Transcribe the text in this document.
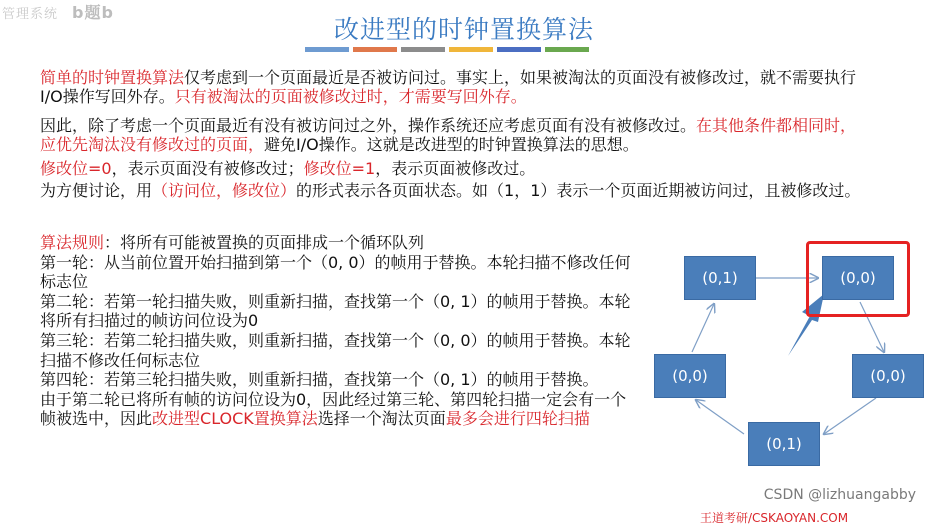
管理系统 b题b
改进型的时钟置换算法
简单的时钟置换算法仅考虑到一个页面最近是否被访问过。事实上，如果被淘汰的页面没有被修改过，就不需要执行I/O操作写回外存。只有被淘汰的页面被修改过时，才需要写回外存。
因此，除了考虑一个页面最近有没有被访问过之外，操作系统还应考虑页面有没有被修改过。在其他条件都相同时，应优先淘汰没有修改过的页面，避免I/O操作。这就是改进型的时钟置换算法的思想。
修改位=0，表示页面没有被修改过；修改位=1，表示页面被修改过。
为方便讨论，用（访问位，修改位）的形式表示各页面状态。如（1，1）表示一个页面近期被访问过，且被修改过。
算法规则：将所有可能被置换的页面排成一个循环队列
第一轮：从当前位置开始扫描到第一个（0, 0）的帧用于替换。本轮扫描不修改任何标志位
第二轮：若第一轮扫描失败，则重新扫描，查找第一个（0, 1）的帧用于替换。本轮将所有扫描过的帧访问位设为0
第三轮：若第二轮扫描失败，则重新扫描，查找第一个（0, 0）的帧用于替换。本轮扫描不修改任何标志位
第四轮：若第三轮扫描失败，则重新扫描，查找第一个（0, 1）的帧用于替换。
由于第二轮已将所有帧的访问位设为0，因此经过第三轮、第四轮扫描一定会有一个帧被选中，因此改进型CLOCK置换算法选择一个淘汰页面最多会进行四轮扫描
(0,1)	(0,0)
(0,0)
(0,1)
(0,0)
CSDN @lizhuangabby
王道考研/CSKAOYAN.COM
